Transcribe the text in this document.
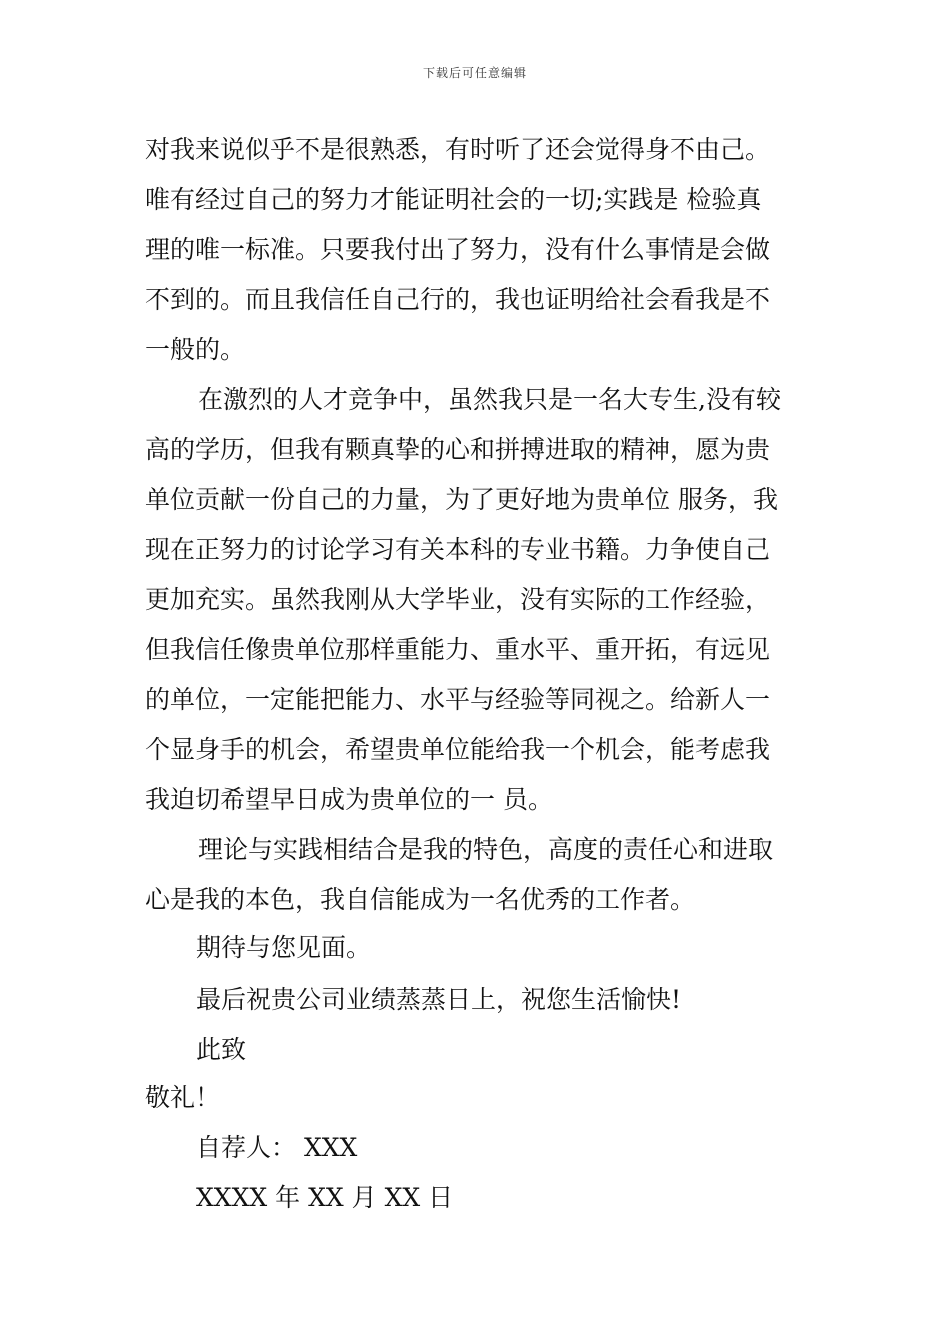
下载后可任意编辑
对我来说似乎不是很熟悉，有时听了还会觉得身不由己。
唯有经过自己的努力才能证明社会的一切;实践是 检验真
理的唯一标准。只要我付出了努力，没有什么事情是会做
不到的。而且我信任自己行的，我也证明给社会看我是不
一般的。
在激烈的人才竞争中，虽然我只是一名大专生,没有较
高的学历，但我有颗真挚的心和拼搏进取的精神，愿为贵
单位贡献一份自己的力量，为了更好地为贵单位 服务，我
现在正努力的讨论学习有关本科的专业书籍。力争使自己
更加充实。虽然我刚从大学毕业，没有实际的工作经验，
但我信任像贵单位那样重能力、重水平、重开拓，有远见
的单位，一定能把能力、水平与经验等同视之。给新人一
个显身手的机会，希望贵单位能给我一个机会，能考虑我
我迫切希望早日成为贵单位的一 员。
理论与实践相结合是我的特色，高度的责任心和进取
心是我的本色，我自信能成为一名优秀的工作者。
期待与您见面。
最后祝贵公司业绩蒸蒸日上，祝您生活愉快!
此致
敬礼！
自荐人： XXX
XXXX 年 XX 月 XX 日
